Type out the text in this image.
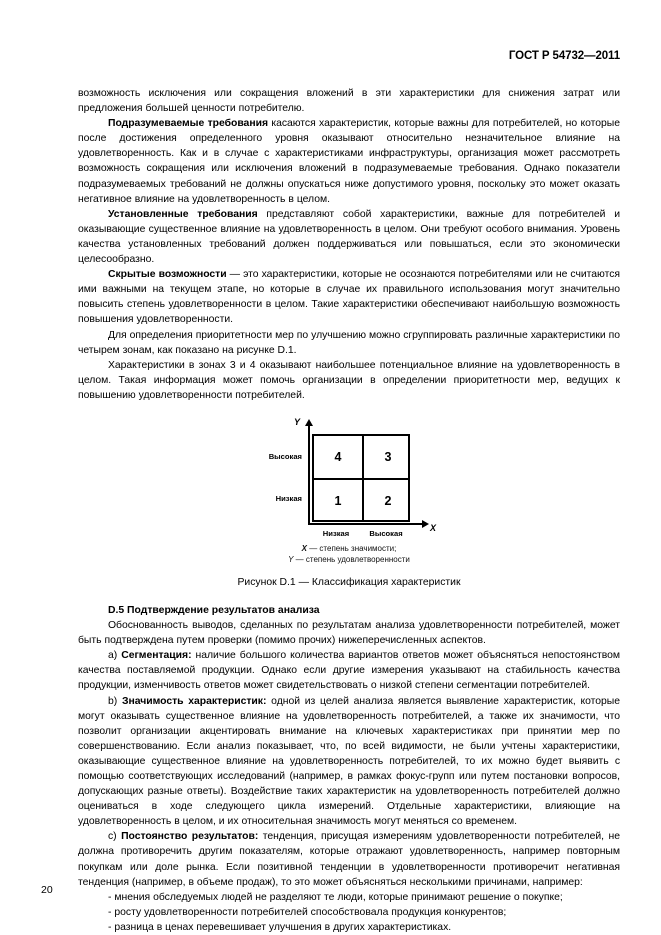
ГОСТ Р 54732—2011

возможность исключения или сокращения вложений в эти характеристики для снижения затрат или предложения большей ценности потребителю.

Подразумеваемые требования касаются характеристик, которые важны для потребителей, но которые после достижения определенного уровня оказывают относительно незначительное влияние на удовлетворенность. Как и в случае с характеристиками инфраструктуры, организация может рассмотреть возможность сокращения или исключения вложений в подразумеваемые требования. Однако показатели подразумеваемых требований не должны опускаться ниже допустимого уровня, поскольку это может оказать негативное влияние на удовлетворенность в целом.

Установленные требования представляют собой характеристики, важные для потребителей и оказывающие существенное влияние на удовлетворенность в целом. Они требуют особого внимания. Уровень качества установленных требований должен поддерживаться или повышаться, если это экономически целесообразно.

Скрытые возможности — это характеристики, которые не осознаются потребителями или не считаются ими важными на текущем этапе, но которые в случае их правильного использования могут значительно повысить степень удовлетворенности в целом. Такие характеристики обеспечивают наибольшую возможность повышения удовлетворенности.

Для определения приоритетности мер по улучшению можно сгруппировать различные характеристики по четырем зонам, как показано на рисунке D.1.

Характеристики в зонах 3 и 4 оказывают наибольшее потенциальное влияние на удовлетворенность в целом. Такая информация может помочь организации в определении приоритетности мер, ведущих к повышению удовлетворенности потребителей.

Y
X
Высокая
Низкая
Низкая	Высокая
4	3
1	2
X — степень значимости;
Y — степень удовлетворенности
Рисунок D.1 — Классификация характеристик
D.5 Подтверждение результатов анализа

Обоснованность выводов, сделанных по результатам анализа удовлетворенности потребителей, может быть подтверждена путем проверки (помимо прочих) нижеперечисленных аспектов.

a) Сегментация: наличие большого количества вариантов ответов может объясняться непостоянством качества поставляемой продукции. Однако если другие измерения указывают на стабильность качества продукции, изменчивость ответов может свидетельствовать о низкой степени сегментации потребителей.

b) Значимость характеристик: одной из целей анализа является выявление характеристик, которые могут оказывать существенное влияние на удовлетворенность потребителей, а также их значимости, что позволит организации акцентировать внимание на ключевых характеристиках при принятии мер по совершенствованию. Если анализ показывает, что, по всей видимости, не были учтены характеристики, оказывающие существенное влияние на удовлетворенность потребителей, то их можно будет выявить с помощью соответствующих исследований (например, в рамках фокус-групп или путем постановки вопросов, допускающих разные ответы). Воздействие таких характеристик на удовлетворенность потребителей должно оцениваться в ходе следующего цикла измерений. Отдельные характеристики, влияющие на удовлетворенность в целом, и их относительная значимость могут меняться со временем.

c) Постоянство результатов: тенденция, присущая измерениям удовлетворенности потребителей, не должна противоречить другим показателям, которые отражают удовлетворенность, например повторным покупкам или доле рынка. Если позитивной тенденции в удовлетворенности противоречит негативная тенденция (например, в объеме продаж), то это может объясняться несколькими причинами, например:

- мнения обследуемых людей не разделяют те люди, которые принимают решение о покупке;
- росту удовлетворенности потребителей способствовала продукция конкурентов;
- разница в ценах перевешивает улучшения в других характеристиках.
20
